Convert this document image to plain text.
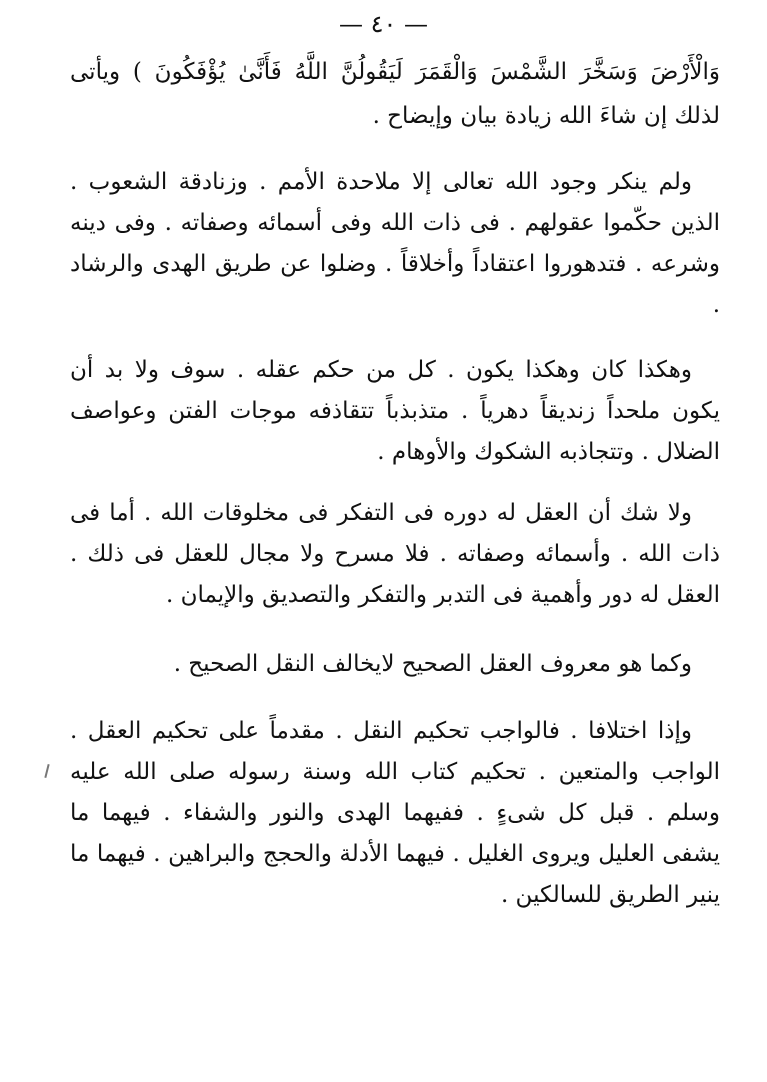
— ٤٠ —

وَالْأَرْضَ وَسَخَّرَ الشَّمْسَ وَالْقَمَرَ لَيَقُولُنَّ اللَّهُ فَأَنَّىٰ يُؤْفَكُونَ ) ويأتى لذلك إن شاءَ الله زيادة بيان وإيضاح .

ولم ينكر وجود الله تعالى إلا ملاحدة الأمم . وزنادقة الشعوب . الذين حكّموا عقولهم . فى ذات الله وفى أسمائه وصفاته . وفى دينه وشرعه . فتدهوروا اعتقاداً وأخلاقاً . وضلوا عن طريق الهدى والرشاد .

وهكذا كان وهكذا يكون . كل من حكم عقله . سوف ولا بد أن يكون ملحداً زنديقاً دهرياً . متذبذباً تتقاذفه موجات الفتن وعواصف الضلال . وتتجاذبه الشكوك والأوهام .

ولا شك أن العقل له دوره فى التفكر فى مخلوقات الله . أما فى ذات الله . وأسمائه وصفاته . فلا مسرح ولا مجال للعقل فى ذلك . العقل له دور وأهمية فى التدبر والتفكر والتصديق والإيمان .

وكما هو معروف العقل الصحيح لايخالف النقل الصحيح .

وإذا اختلافا . فالواجب تحكيم النقل . مقدماً على تحكيم العقل . الواجب والمتعين . تحكيم كتاب الله وسنة رسوله صلى الله عليه وسلم . قبل كل شىءٍ . ففيهما الهدى والنور والشفاء . فيهما ما يشفى العليل ويروى الغليل . فيهما الأدلة والحجج والبراهين . فيهما ما ينير الطريق للسالكين .
